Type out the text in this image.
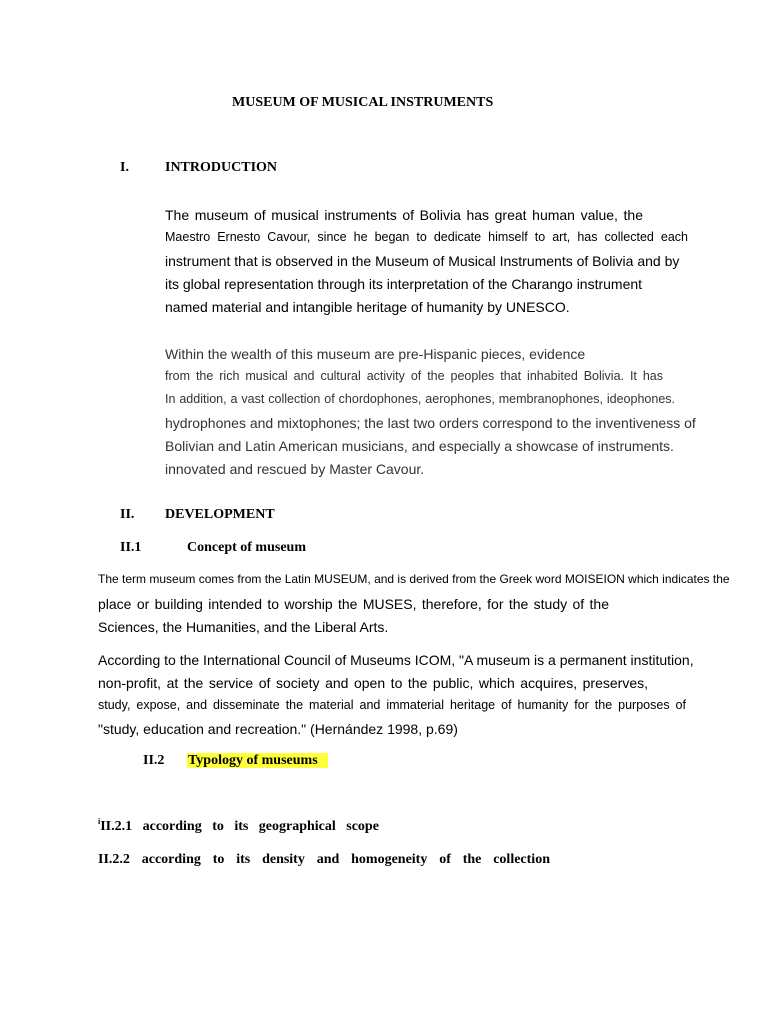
MUSEUM OF MUSICAL INSTRUMENTS
I.	INTRODUCTION
The museum of musical instruments of Bolivia has great human value, the
Maestro Ernesto Cavour, since he began to dedicate himself to art, has collected each
instrument that is observed in the Museum of Musical Instruments of Bolivia and by
its global representation through its interpretation of the Charango instrument
named material and intangible heritage of humanity by UNESCO.
Within the wealth of this museum are pre-Hispanic pieces, evidence
from the rich musical and cultural activity of the peoples that inhabited Bolivia. It has
In addition, a vast collection of chordophones, aerophones, membranophones, ideophones.
hydrophones and mixtophones; the last two orders correspond to the inventiveness of
Bolivian and Latin American musicians, and especially a showcase of instruments.
innovated and rescued by Master Cavour.
II. DEVELOPMENT
II.1	Concept of museum
The term museum comes from the Latin MUSEUM, and is derived from the Greek word MOISEION which indicates the
place or building intended to worship the MUSES, therefore, for the study of the
Sciences, the Humanities, and the Liberal Arts.
According to the International Council of Museums ICOM, "A museum is a permanent institution,
non-profit, at the service of society and open to the public, which acquires, preserves,
study, expose, and disseminate the material and immaterial heritage of humanity for the purposes of
"study, education and recreation." (Hernández 1998, p.69)
II.2 Typology of museums
$^i$II.2.1 according to its geographical scope
II.2.2 according to its density and homogeneity of the collection
